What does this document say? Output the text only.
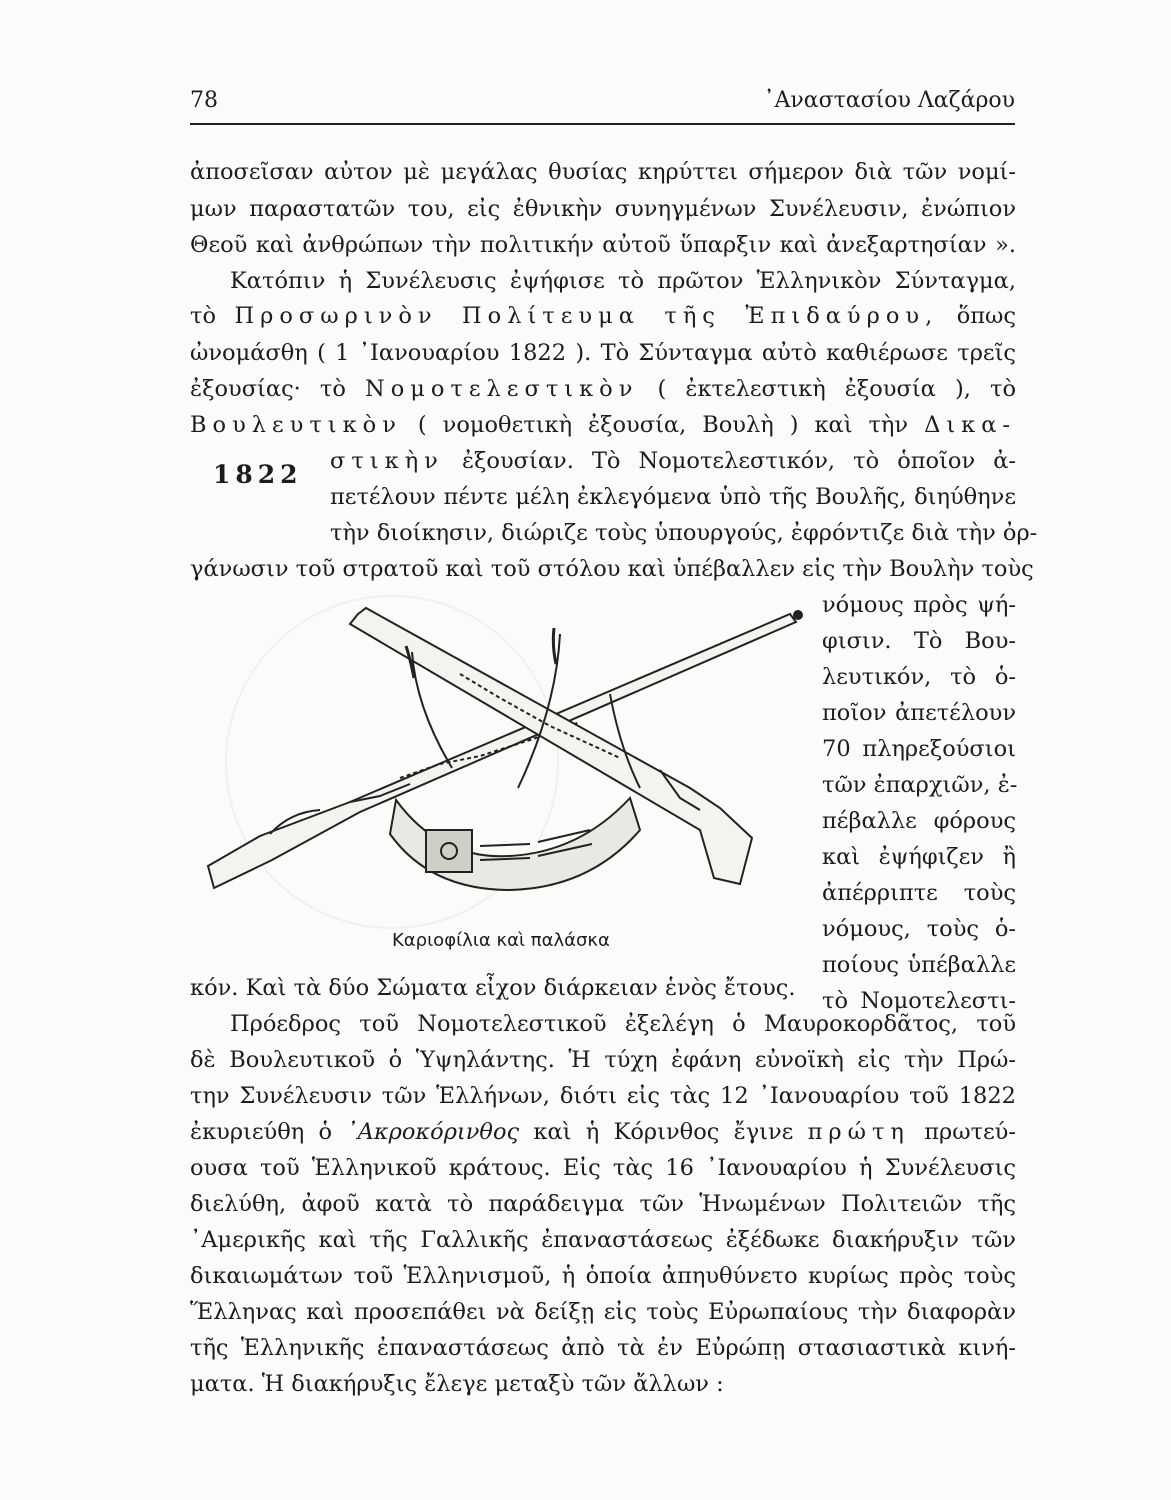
78	᾿Αναστασίου Λαζάρου
ἀποσεῖσαν αὐτον μὲ μεγάλας θυσίας κηρύττει σήμερον διὰ τῶν νομί-
μων παραστατῶν του, εἰς ἐθνικὴν συνηγμένων Συνέλευσιν, ἐνώπιον
Θεοῦ καὶ ἀνθρώπων τὴν πολιτικήν αὐτοῦ ὕπαρξιν καὶ ἀνεξαρτησίαν ».
Κατόπιν ἡ Συνέλευσις ἐψήφισε τὸ πρῶτον Ἑλληνικὸν Σύνταγμα,
τὸ Προσωρινὸν Πολίτευμα τῆς Ἐπιδαύρου, ὅπως
ὠνομάσθη ( 1 ᾿Ιανουαρίου 1822 ). Τὸ Σύνταγμα αὐτὸ καθιέρωσε τρεῖς
ἐξουσίας· τὸ Νομοτελεστικὸν ( ἐκτελεστικὴ ἐξουσία ), τὸ
Βουλευτικὸν ( νομοθετικὴ ἐξουσία, Βουλὴ ) καὶ τὴν Δικα-
στικὴν ἐξουσίαν. Τὸ Νομοτελεστικόν, τὸ ὁποῖον ἀ-
1822
πετέλουν πέντε μέλη ἐκλεγόμενα ὑπὸ τῆς Βουλῆς, διηύθηνε
τὴν διοίκησιν, διώριζε τοὺς ὑπουργούς, ἐφρόντιζε διὰ τὴν ὀρ-
γάνωσιν τοῦ στρατοῦ καὶ τοῦ στόλου καὶ ὑπέβαλλεν εἰς τὴν Βουλὴν τοὺς
νόμους πρὸς ψή-
φισιν. Τὸ Βου-
λευτικόν, τὸ ὁ-
ποῖον ἀπετέλουν
70 πληρεξούσιοι
τῶν ἐπαρχιῶν, ἐ-
πέβαλλε φόρους
καὶ ἐψήφιζεν ἢ
ἀπέρριπτε τοὺς
νόμους, τοὺς ὁ-
ποίους ὑπέβαλλε
τὸ Νομοτελεστι-
Καριοφίλια καὶ παλάσκα
κόν. Καὶ τὰ δύο Σώματα εἶχον διάρκειαν ἑνὸς ἔτους.
Πρόεδρος τοῦ Νομοτελεστικοῦ ἐξελέγη ὁ Μαυροκορδᾶτος, τοῦ
δὲ Βουλευτικοῦ ὁ Ὑψηλάντης. Ἡ τύχη ἐφάνη εὐνοϊκὴ εἰς τὴν Πρώ-
την Συνέλευσιν τῶν Ἑλλήνων, διότι εἰς τὰς 12 ᾿Ιανουαρίου τοῦ 1822
ἐκυριεύθη ὁ ᾿Ακροκόρινθος καὶ ἡ Κόρινθος ἔγινε πρώτη πρωτεύ-
ουσα τοῦ Ἑλληνικοῦ κράτους. Εἰς τὰς 16 ᾿Ιανουαρίου ἡ Συνέλευσις
διελύθη, ἀφοῦ κατὰ τὸ παράδειγμα τῶν Ἡνωμένων Πολιτειῶν τῆς
᾿Αμερικῆς καὶ τῆς Γαλλικῆς ἐπαναστάσεως ἐξέδωκε διακήρυξιν τῶν
δικαιωμάτων τοῦ Ἑλληνισμοῦ, ἡ ὁποία ἀπηυθύνετο κυρίως πρὸς τοὺς
Ἕλληνας καὶ προσεπάθει νὰ δείξῃ εἰς τοὺς Εὐρωπαίους τὴν διαφορὰν
τῆς Ἑλληνικῆς ἐπαναστάσεως ἀπὸ τὰ ἐν Εὐρώπῃ στασιαστικὰ κινή-
ματα. Ἡ διακήρυξις ἔλεγε μεταξὺ τῶν ἄλλων :
